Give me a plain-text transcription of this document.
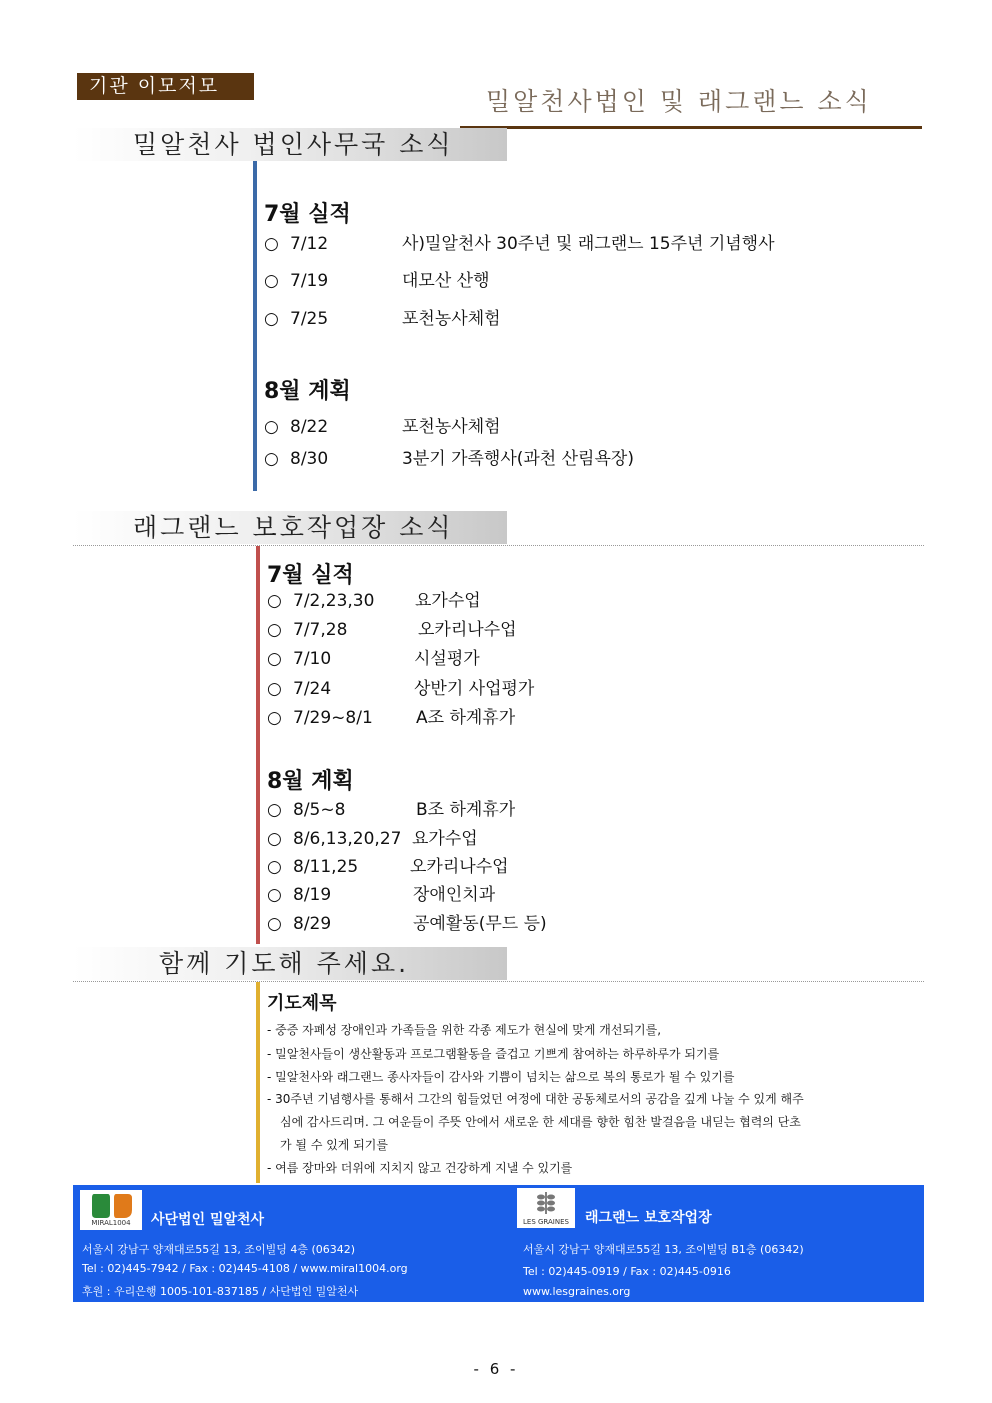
기관 이모저모
밀알천사법인 및 래그랜느 소식
밀알천사 법인사무국 소식
7월 실적
○ 7/12	사)밀알천사 30주년 및 래그랜느 15주년 기념행사
○ 7/19	대모산 산행
○ 7/25	포천농사체험
8월 계획
○ 8/22	포천농사체험
○ 8/30	3분기 가족행사(과천 산림욕장)
래그랜느 보호작업장 소식
7월 실적
○ 7/2,23,30 요가수업
○ 7/7,28	오카리나수업
○ 7/10	시설평가
○ 7/24	상반기 사업평가
○ 7/29~8/1	A조 하계휴가
8월 계획
○ 8/5~8	B조 하계휴가
○ 8/6,13,20,27 요가수업
○ 8/11,25	오카리나수업
○ 8/19	장애인치과
○ 8/29	공예활동(무드 등)
함께 기도해 주세요.
기도제목
- 중증 자폐성 장애인과 가족들을 위한 각종 제도가 현실에 맞게 개선되기를,
- 밀알천사들이 생산활동과 프로그램활동을 즐겁고 기쁘게 참여하는 하루하루가 되기를
- 밀알천사와 래그랜느 종사자들이 감사와 기쁨이 넘치는 삶으로 복의 통로가 될 수 있기를
- 30주년 기념행사를 통해서 그간의 힘들었던 여정에 대한 공동체로서의 공감을 깊게 나눌 수 있게 해주
심에 감사드리며. 그 여운들이 주뜻 안에서 새로운 한 세대를 향한 힘찬 발걸음을 내딛는 협력의 단초
가 될 수 있게 되기를
- 여름 장마와 더위에 지치지 않고 건강하게 지낼 수 있기를
MIRAL1004	사단법인 밀알천사
서울시 강남구 양재대로55길 13, 조이빌딩 4층 (06342)
Tel : 02)445-7942 / Fax : 02)445-4108 / www.miral1004.org
후원 : 우리은행 1005-101-837185 / 사단법인 밀알천사
LES GRAINES	래그랜느 보호작업장
서울시 강남구 양재대로55길 13, 조이빌딩 B1층 (06342)
Tel : 02)445-0919 / Fax : 02)445-0916
www.lesgraines.org
- 6 -
